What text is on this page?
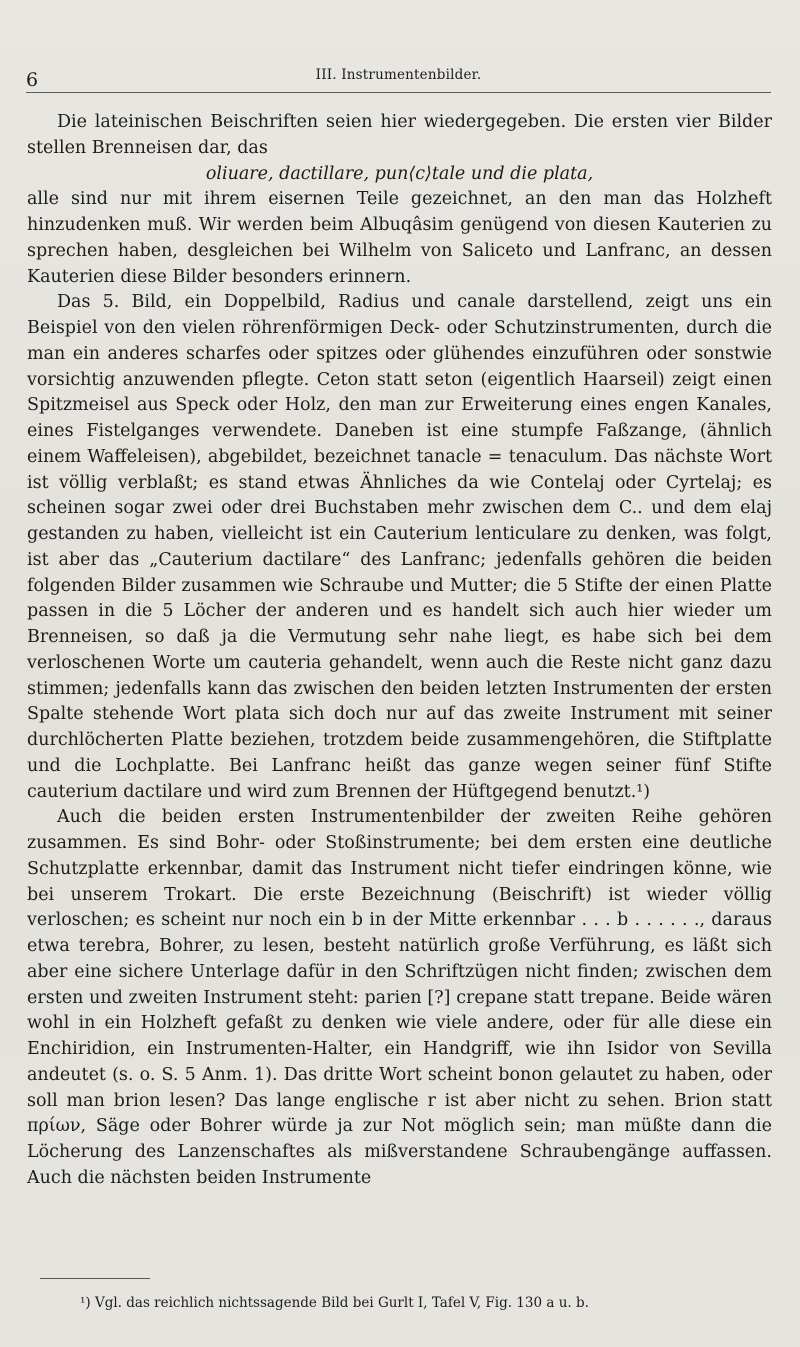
6	III. Instrumentenbilder.

Die lateinischen Beischriften seien hier wiedergegeben. Die ersten vier Bilder stellen Brenneisen dar, das

oliuare, dactillare, pun⟨c⟩tale und die plata,

alle sind nur mit ihrem eisernen Teile gezeichnet, an den man das Holzheft hinzudenken muß. Wir werden beim Albuqâsim genügend von diesen Kauterien zu sprechen haben, desgleichen bei Wilhelm von Saliceto und Lanfranc, an dessen Kauterien diese Bilder besonders erinnern.

Das 5. Bild, ein Doppelbild, Radius und canale darstellend, zeigt uns ein Beispiel von den vielen röhrenförmigen Deck- oder Schutzinstrumenten, durch die man ein anderes scharfes oder spitzes oder glühendes einzuführen oder sonstwie vorsichtig anzuwenden pflegte. Ceton statt seton (eigentlich Haarseil) zeigt einen Spitzmeisel aus Speck oder Holz, den man zur Erweiterung eines engen Kanales, eines Fistelganges verwendete. Daneben ist eine stumpfe Faßzange, (ähnlich einem Waffeleisen), abgebildet, bezeichnet tanacle = tenaculum. Das nächste Wort ist völlig verblaßt; es stand etwas Ähnliches da wie Contelaj oder Cyrtelaj; es scheinen sogar zwei oder drei Buchstaben mehr zwischen dem C.. und dem elaj gestanden zu haben, vielleicht ist ein Cauterium lenticulare zu denken, was folgt, ist aber das „Cauterium dactilare“ des Lanfranc; jedenfalls gehören die beiden folgenden Bilder zusammen wie Schraube und Mutter; die 5 Stifte der einen Platte passen in die 5 Löcher der anderen und es handelt sich auch hier wieder um Brenneisen, so daß ja die Vermutung sehr nahe liegt, es habe sich bei dem verloschenen Worte um cauteria gehandelt, wenn auch die Reste nicht ganz dazu stimmen; jedenfalls kann das zwischen den beiden letzten Instrumenten der ersten Spalte stehende Wort plata sich doch nur auf das zweite Instrument mit seiner durchlöcherten Platte beziehen, trotzdem beide zusammengehören, die Stiftplatte und die Lochplatte. Bei Lanfranc heißt das ganze wegen seiner fünf Stifte cauterium dactilare und wird zum Brennen der Hüftgegend benutzt.¹)

Auch die beiden ersten Instrumentenbilder der zweiten Reihe gehören zusammen. Es sind Bohr- oder Stoßinstrumente; bei dem ersten eine deutliche Schutzplatte erkennbar, damit das Instrument nicht tiefer eindringen könne, wie bei unserem Trokart. Die erste Bezeichnung (Beischrift) ist wieder völlig verloschen; es scheint nur noch ein b in der Mitte erkennbar . . . b . . . . . ., daraus etwa terebra, Bohrer, zu lesen, besteht natürlich große Verführung, es läßt sich aber eine sichere Unterlage dafür in den Schriftzügen nicht finden; zwischen dem ersten und zweiten Instrument steht: parien [?] crepane statt trepane. Beide wären wohl in ein Holzheft gefaßt zu denken wie viele andere, oder für alle diese ein Enchiridion, ein Instrumenten-Halter, ein Handgriff, wie ihn Isidor von Sevilla andeutet (s. o. S. 5 Anm. 1). Das dritte Wort scheint bonon gelautet zu haben, oder soll man brion lesen? Das lange englische r ist aber nicht zu sehen. Brion statt πρίων, Säge oder Bohrer würde ja zur Not möglich sein; man müßte dann die Löcherung des Lanzenschaftes als mißverstandene Schraubengänge auffassen. Auch die nächsten beiden Instrumente

¹) Vgl. das reichlich nichtssagende Bild bei Gurlt I, Tafel V, Fig. 130 a u. b.
